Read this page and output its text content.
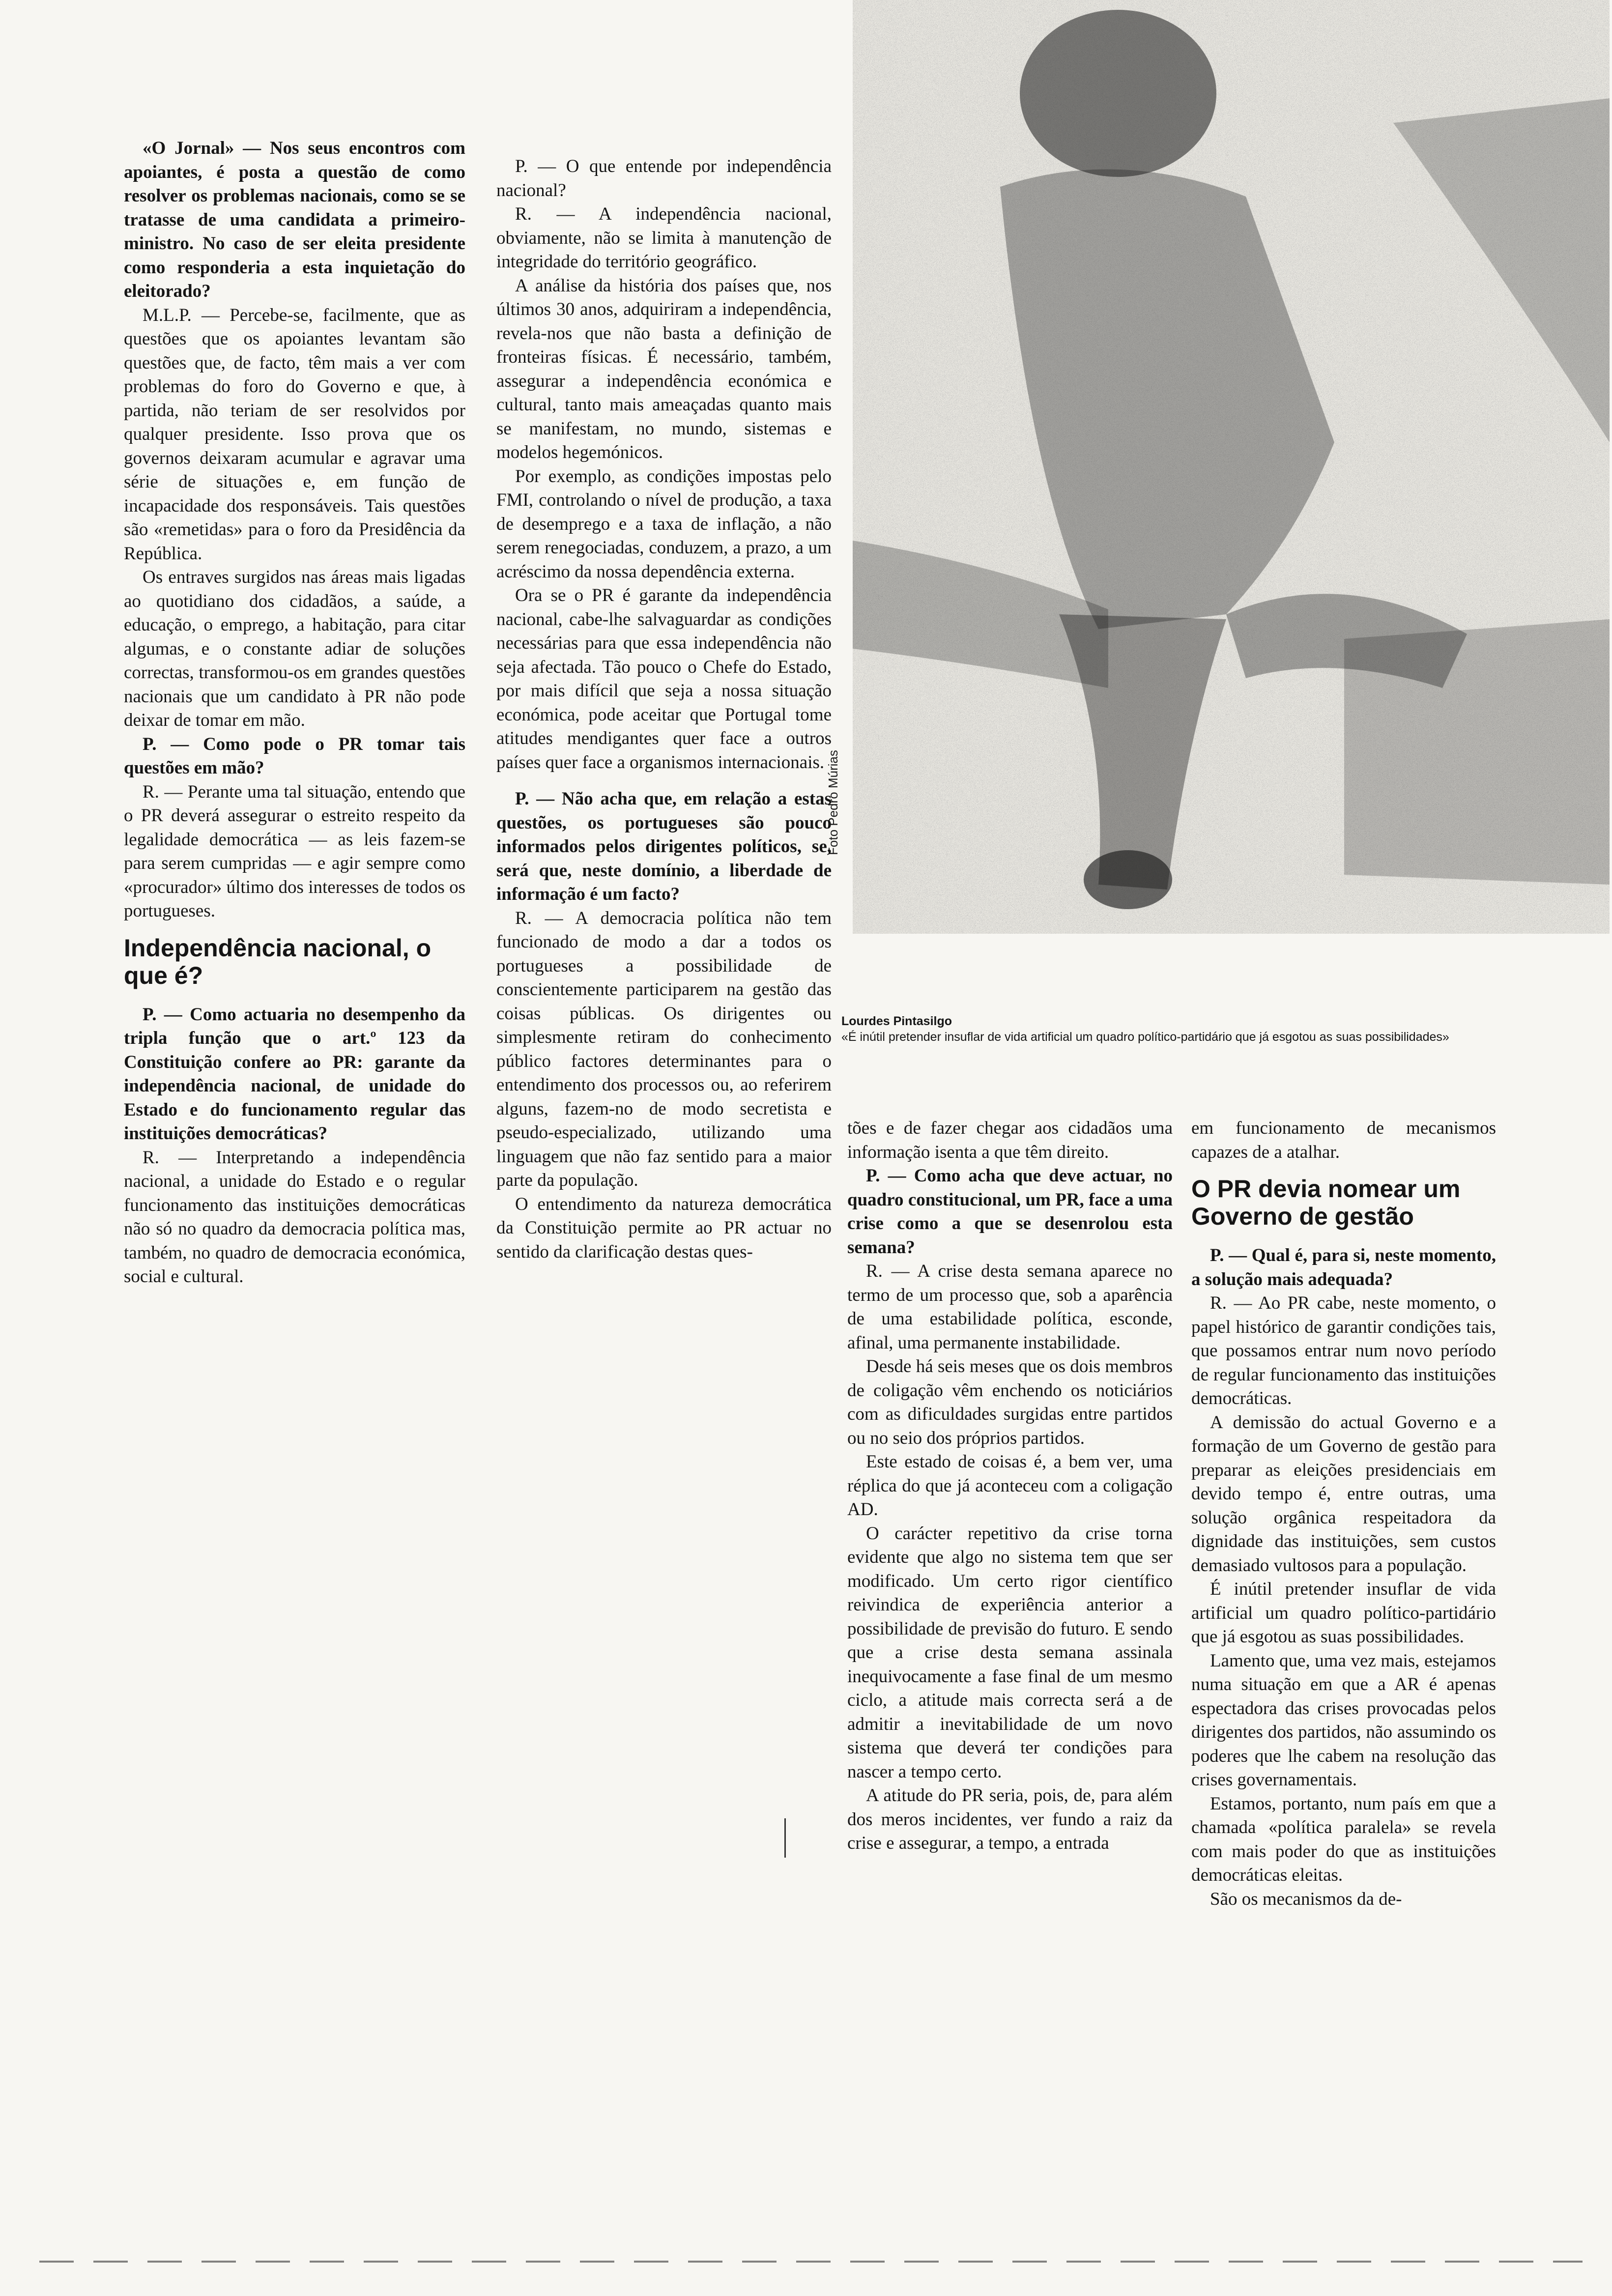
Foto Pedro Múrias
Lourdes Pintasilgo
«É inútil pretender insuflar de vida artificial um quadro político-partidário que já esgotou as suas possibilidades»

«O Jornal» — Nos seus encontros com apoiantes, é posta a questão de como resolver os problemas nacionais, como se se tratasse de uma candidata a primeiro-ministro. No caso de ser eleita presidente como responderia a esta inquietação do eleitorado?

M.L.P. — Percebe-se, facilmente, que as questões que os apoiantes levantam são questões que, de facto, têm mais a ver com problemas do foro do Governo e que, à partida, não teriam de ser resolvidos por qualquer presidente. Isso prova que os governos deixaram acumular e agravar uma série de situações e, em função de incapacidade dos responsáveis. Tais questões são «remetidas» para o foro da Presidência da República.

Os entraves surgidos nas áreas mais ligadas ao quotidiano dos cidadãos, a saúde, a educação, o emprego, a habitação, para citar algumas, e o constante adiar de soluções correctas, transformou-os em grandes questões nacionais que um candidato à PR não pode deixar de tomar em mão.

P. — Como pode o PR tomar tais questões em mão?

R. — Perante uma tal situação, entendo que o PR deverá assegurar o estreito respeito da legalidade democrática — as leis fazem-se para serem cumpridas — e agir sempre como «procurador» último dos interesses de todos os portugueses.

Independência nacional, o que é?

P. — Como actuaria no desempenho da tripla função que o art.º 123 da Constituição confere ao PR: garante da independência nacional, de unidade do Estado e do funcionamento regular das instituições democráticas?

R. — Interpretando a independência nacional, a unidade do Estado e o regular funcionamento das instituições democráticas não só no quadro da democracia política mas, também, no quadro de democracia económica, social e cultural.

P. — O que entende por independência nacional?

R. — A independência nacional, obviamente, não se limita à manutenção de integridade do território geográfico.

A análise da história dos países que, nos últimos 30 anos, adquiriram a independência, revela-nos que não basta a definição de fronteiras físicas. É necessário, também, assegurar a independência económica e cultural, tanto mais ameaçadas quanto mais se manifestam, no mundo, sistemas e modelos hegemónicos.

Por exemplo, as condições impostas pelo FMI, controlando o nível de produção, a taxa de desemprego e a taxa de inflação, a não serem renegociadas, conduzem, a prazo, a um acréscimo da nossa dependência externa.

Ora se o PR é garante da independência nacional, cabe-lhe salvaguardar as condições necessárias para que essa independência não seja afectada. Tão pouco o Chefe do Estado, por mais difícil que seja a nossa situação económica, pode aceitar que Portugal tome atitudes mendigantes quer face a outros países quer face a organismos internacionais.

P. — Não acha que, em relação a estas questões, os portugueses são pouco informados pelos dirigentes políticos, se, será que, neste domínio, a liberdade de informação é um facto?

R. — A democracia política não tem funcionado de modo a dar a todos os portugueses a possibilidade de conscientemente participarem na gestão das coisas públicas. Os dirigentes ou simplesmente retiram do conhecimento público factores determinantes para o entendimento dos processos ou, ao referirem alguns, fazem-no de modo secretista e pseudo-especializado, utilizando uma linguagem que não faz sentido para a maior parte da população.

O entendimento da natureza democrática da Constituição permite ao PR actuar no sentido da clarificação destas ques-

tões e de fazer chegar aos cidadãos uma informação isenta a que têm direito.

P. — Como acha que deve actuar, no quadro constitucional, um PR, face a uma crise como a que se desenrolou esta semana?

R. — A crise desta semana aparece no termo de um processo que, sob a aparência de uma estabilidade política, esconde, afinal, uma permanente instabilidade.

Desde há seis meses que os dois membros de coligação vêm enchendo os noticiários com as dificuldades surgidas entre partidos ou no seio dos próprios partidos.

Este estado de coisas é, a bem ver, uma réplica do que já aconteceu com a coligação AD.

O carácter repetitivo da crise torna evidente que algo no sistema tem que ser modificado. Um certo rigor científico reivindica de experiência anterior a possibilidade de previsão do futuro. E sendo que a crise desta semana assinala inequivocamente a fase final de um mesmo ciclo, a atitude mais correcta será a de admitir a inevitabilidade de um novo sistema que deverá ter condições para nascer a tempo certo.

A atitude do PR seria, pois, de, para além dos meros incidentes, ver fundo a raiz da crise e assegurar, a tempo, a entrada

em funcionamento de mecanismos capazes de a atalhar.

O PR devia nomear um Governo de gestão

P. — Qual é, para si, neste momento, a solução mais adequada?

R. — Ao PR cabe, neste momento, o papel histórico de garantir condições tais, que possamos entrar num novo período de regular funcionamento das instituições democráticas.

A demissão do actual Governo e a formação de um Governo de gestão para preparar as eleições presidenciais em devido tempo é, entre outras, uma solução orgânica respeitadora da dignidade das instituições, sem custos demasiado vultosos para a população.

É inútil pretender insuflar de vida artificial um quadro político-partidário que já esgotou as suas possibilidades.

Lamento que, uma vez mais, estejamos numa situação em que a AR é apenas espectadora das crises provocadas pelos dirigentes dos partidos, não assumindo os poderes que lhe cabem na resolução das crises governamentais.

Estamos, portanto, num país em que a chamada «política paralela» se revela com mais poder do que as instituições democráticas eleitas.

São os mecanismos da de-
